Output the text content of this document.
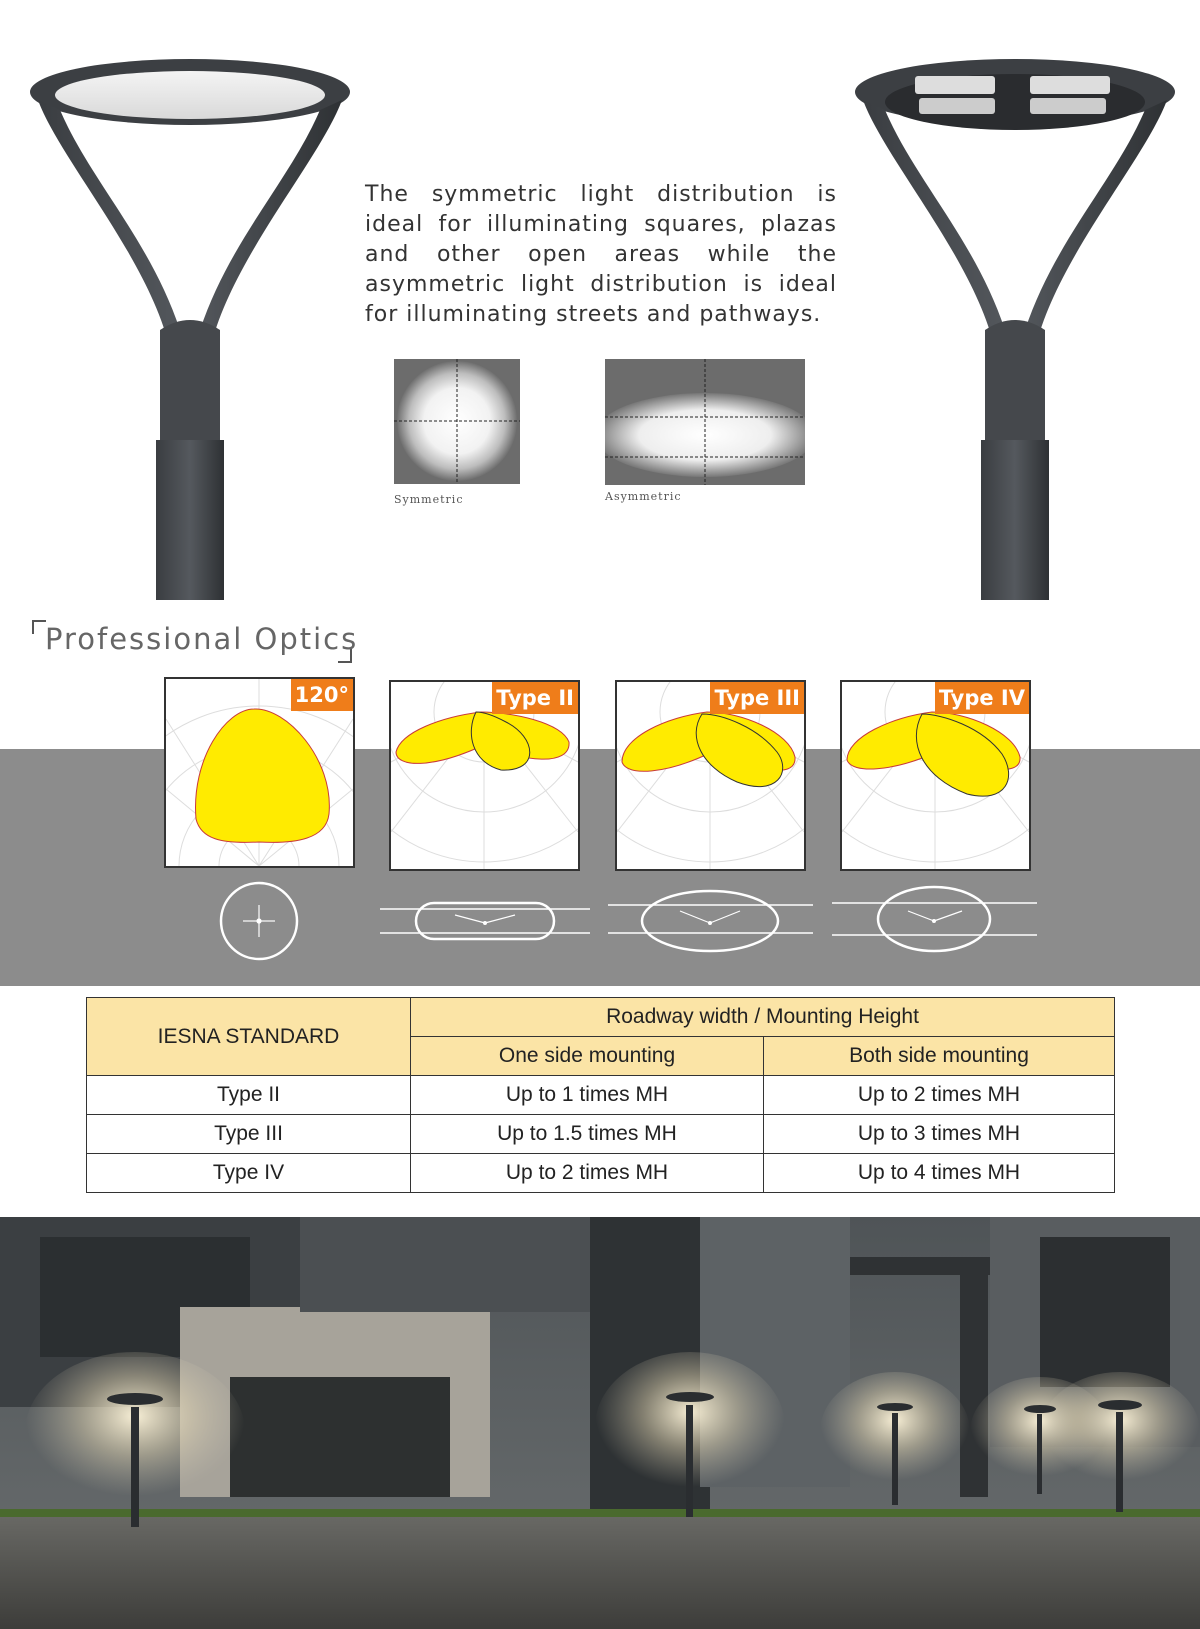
The symmetric light distribution is ideal for illuminating squares, plazas and other open areas while the asymmetric light distribution is ideal for illuminating streets and pathways.

Symmetric	Asymmetric
Professional Optics
120°	Type II	Type III	Type IV
IESNA STANDARD	Roadway width / Mounting Height	
	One side mounting	Both side mounting
Type II	Up to 1 times MH	Up to 2 times MH
Type III	Up to 1.5 times MH	Up to 3 times MH
Type IV	Up to 2 times MH	Up to 4 times MH
